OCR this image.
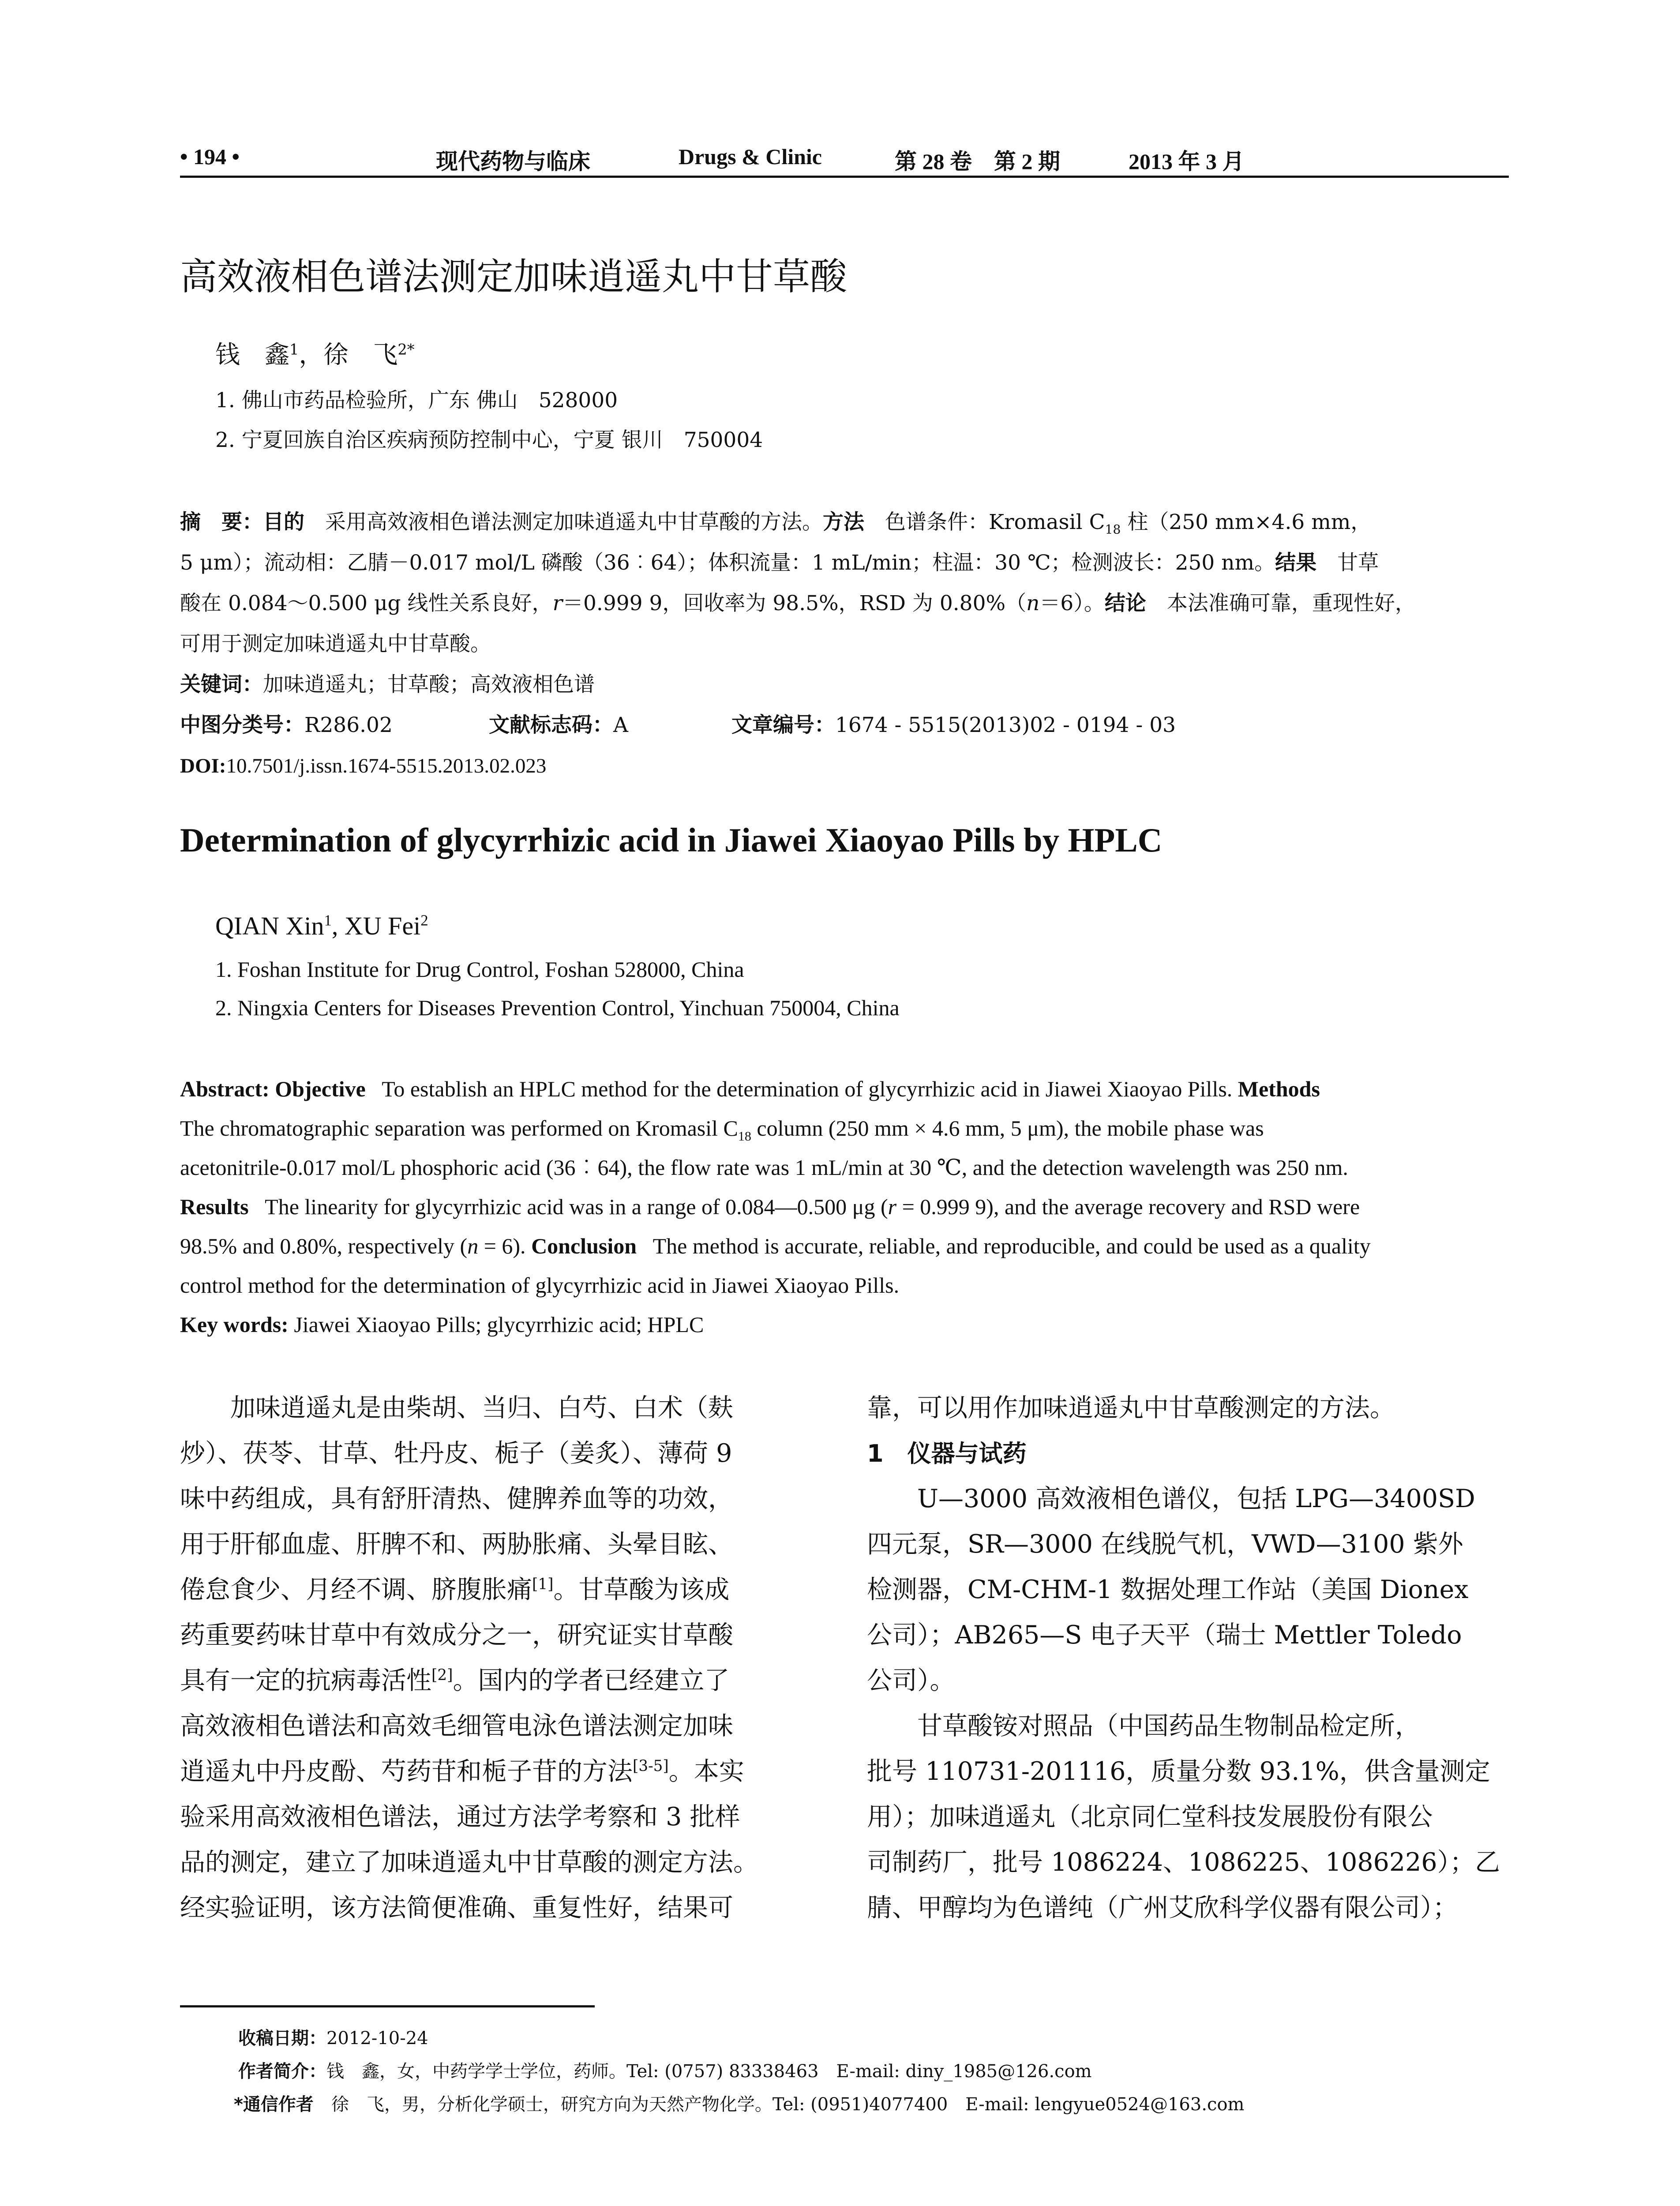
• 194 •	现代药物与临床	Drugs & Clinic	第 28 卷　第 2 期	2013 年 3 月
高效液相色谱法测定加味逍遥丸中甘草酸
钱　鑫$^1$，徐　飞$^{2*}$
1. 佛山市药品检验所，广东 佛山　528000
2. 宁夏回族自治区疾病预防控制中心，宁夏 银川　750004
摘　要：目的　采用高效液相色谱法测定加味逍遥丸中甘草酸的方法。方法　色谱条件：Kromasil $C_{18}$ 柱（250 mm×4.6 mm，
5 μm）；流动相：乙腈－0.017 mol/L 磷酸（36︰64）；体积流量：1 mL/min；柱温：30 ℃；检测波长：250 nm。结果　甘草
酸在 0.084～0.500 μg 线性关系良好，r＝0.999 9，回收率为 98.5%，RSD 为 0.80%（n＝6）。结论　本法准确可靠，重现性好，
可用于测定加味逍遥丸中甘草酸。
关键词：加味逍遥丸；甘草酸；高效液相色谱
中图分类号：R286.02	文献标志码：A	文章编号：1674 - 5515(2013)02 - 0194 - 03
DOI:10.7501/j.issn.1674-5515.2013.02.023
Determination of glycyrrhizic acid in Jiawei Xiaoyao Pills by HPLC
QIAN Xin$^1$, XU Fei$^2$
1. Foshan Institute for Drug Control, Foshan 528000, China
2. Ningxia Centers for Diseases Prevention Control, Yinchuan 750004, China
Abstract: Objective   To establish an HPLC method for the determination of glycyrrhizic acid in Jiawei Xiaoyao Pills. Methods
The chromatographic separation was performed on Kromasil $C_{18}$ column (250 mm × 4.6 mm, 5 μm), the mobile phase was
acetonitrile-0.017 mol/L phosphoric acid (36︰64), the flow rate was 1 mL/min at 30 ℃, and the detection wavelength was 250 nm.
Results   The linearity for glycyrrhizic acid was in a range of 0.084—0.500 μg (r = 0.999 9), and the average recovery and RSD were
98.5% and 0.80%, respectively (n = 6). Conclusion   The method is accurate, reliable, and reproducible, and could be used as a quality
control method for the determination of glycyrrhizic acid in Jiawei Xiaoyao Pills.
Key words: Jiawei Xiaoyao Pills; glycyrrhizic acid; HPLC
　　加味逍遥丸是由柴胡、当归、白芍、白术（麸
炒）、茯苓、甘草、牡丹皮、栀子（姜炙）、薄荷 9
味中药组成，具有舒肝清热、健脾养血等的功效，
用于肝郁血虚、肝脾不和、两胁胀痛、头晕目眩、
倦怠食少、月经不调、脐腹胀痛[1]。甘草酸为该成
药重要药味甘草中有效成分之一，研究证实甘草酸
具有一定的抗病毒活性[2]。国内的学者已经建立了
高效液相色谱法和高效毛细管电泳色谱法测定加味
逍遥丸中丹皮酚、芍药苷和栀子苷的方法[3-5]。本实
验采用高效液相色谱法，通过方法学考察和 3 批样
品的测定，建立了加味逍遥丸中甘草酸的测定方法。
经实验证明，该方法简便准确、重复性好，结果可
靠，可以用作加味逍遥丸中甘草酸测定的方法。
1　仪器与试药
　　U—3000 高效液相色谱仪，包括 LPG—3400SD
四元泵，SR—3000 在线脱气机，VWD—3100 紫外
检测器，CM-CHM-1 数据处理工作站（美国 Dionex
公司）；AB265—S 电子天平（瑞士 Mettler Toledo
公司）。
　　甘草酸铵对照品（中国药品生物制品检定所，
批号 110731-201116，质量分数 93.1%，供含量测定
用）；加味逍遥丸（北京同仁堂科技发展股份有限公
司制药厂，批号 1086224、1086225、1086226）；乙
腈、甲醇均为色谱纯（广州艾欣科学仪器有限公司）；
收稿日期：2012-10-24
作者简介：钱　鑫，女，中药学学士学位，药师。Tel: (0757) 83338463　E-mail: diny_1985@126.com
*通信作者　徐　飞，男，分析化学硕士，研究方向为天然产物化学。Tel: (0951)4077400　E-mail: lengyue0524@163.com
